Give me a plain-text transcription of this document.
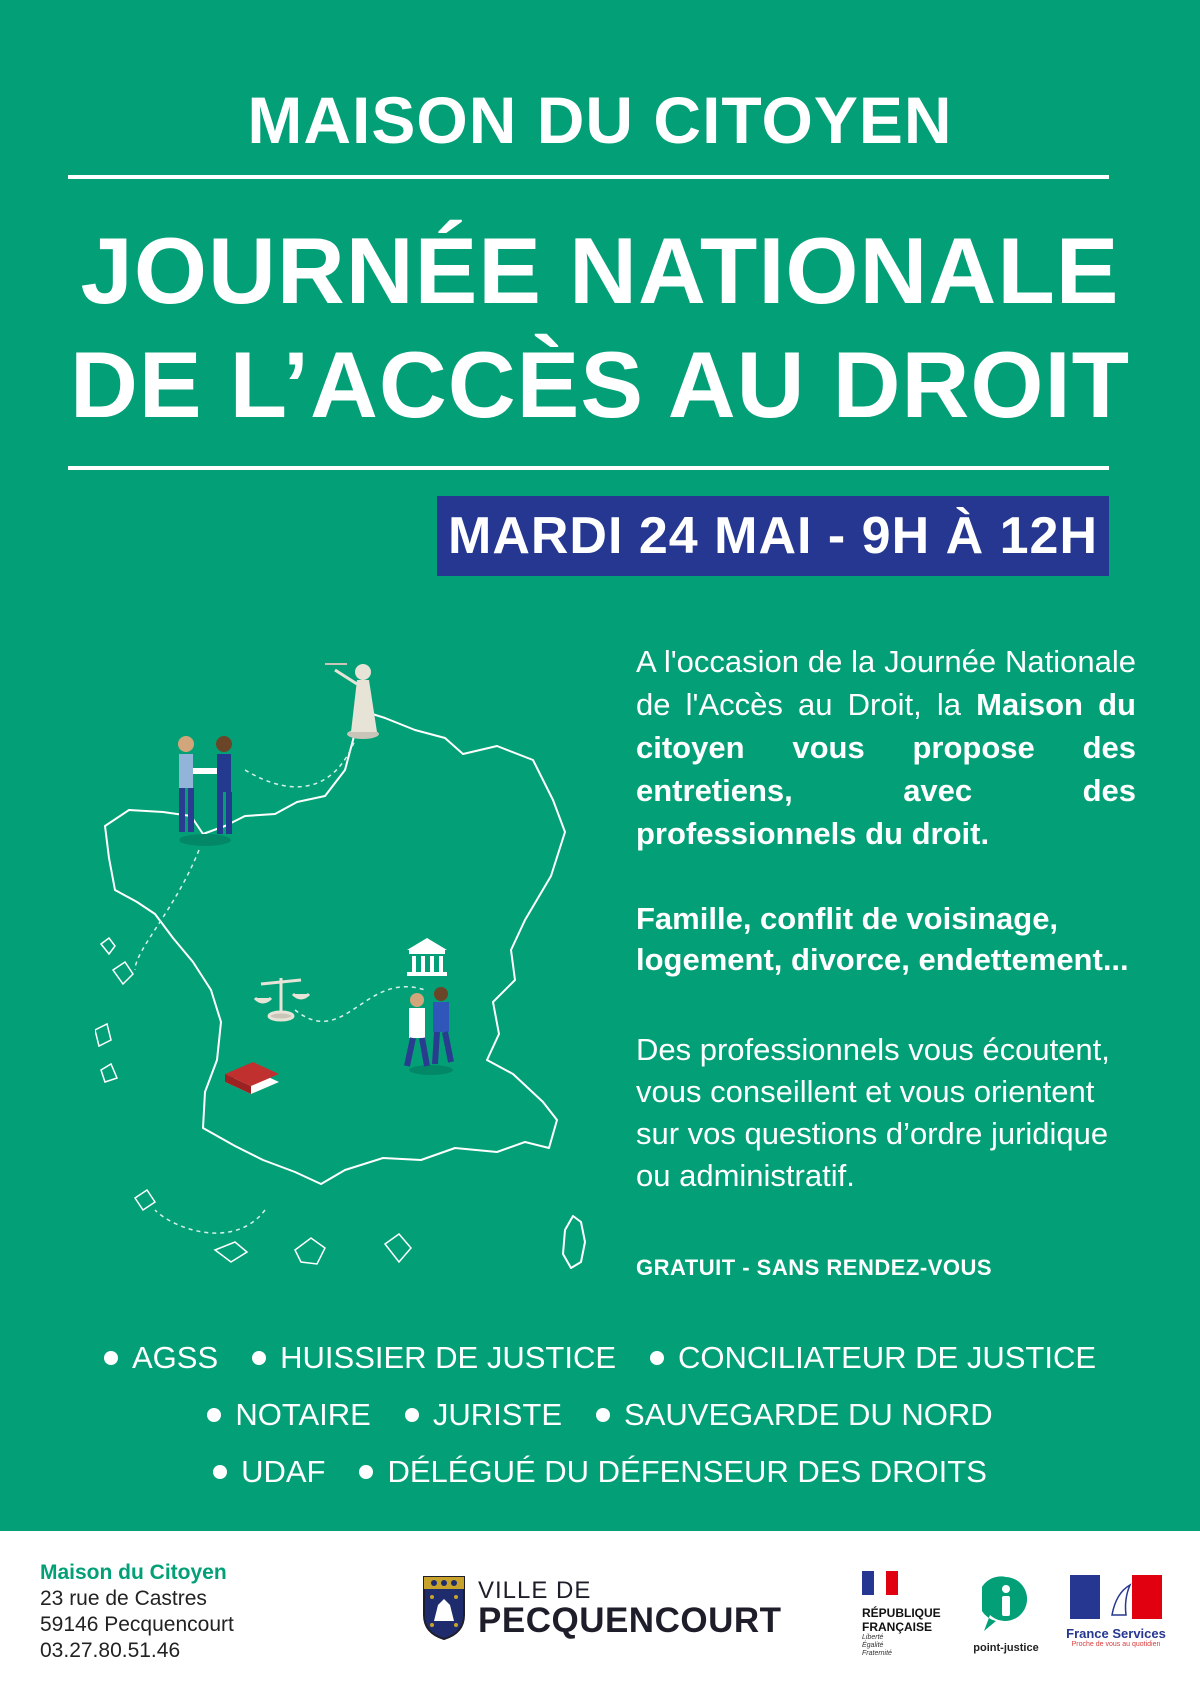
MAISON DU CITOYEN
JOURNÉE NATIONALE
DE L’ACCÈS AU DROIT
MARDI 24 MAI - 9H À 12H
A l'occasion de la Journée Nationale de l'Accès au Droit, la Maison du citoyen vous propose des entretiens, avec des professionnels du droit.
Famille, conflit de voisinage, logement, divorce, endettement...
Des professionnels vous écoutent, vous conseillent et vous orientent sur vos questions d’ordre juridique ou administratif.
GRATUIT - SANS RENDEZ-VOUS
AGSS HUISSIER DE JUSTICE CONCILIATEUR DE JUSTICE
NOTAIRE JURISTE SAUVEGARDE DU NORD
UDAF DÉLÉGUÉ DU DÉFENSEUR DES DROITS
Maison du Citoyen
23 rue de Castres
59146 Pecquencourt
03.27.80.51.46
VILLE DE
PECQUENCOURT	RÉPUBLIQUE
FRANÇAISE
Liberté
Égalité
Fraternité	point-justice
France Services
Proche de vous au quotidien
